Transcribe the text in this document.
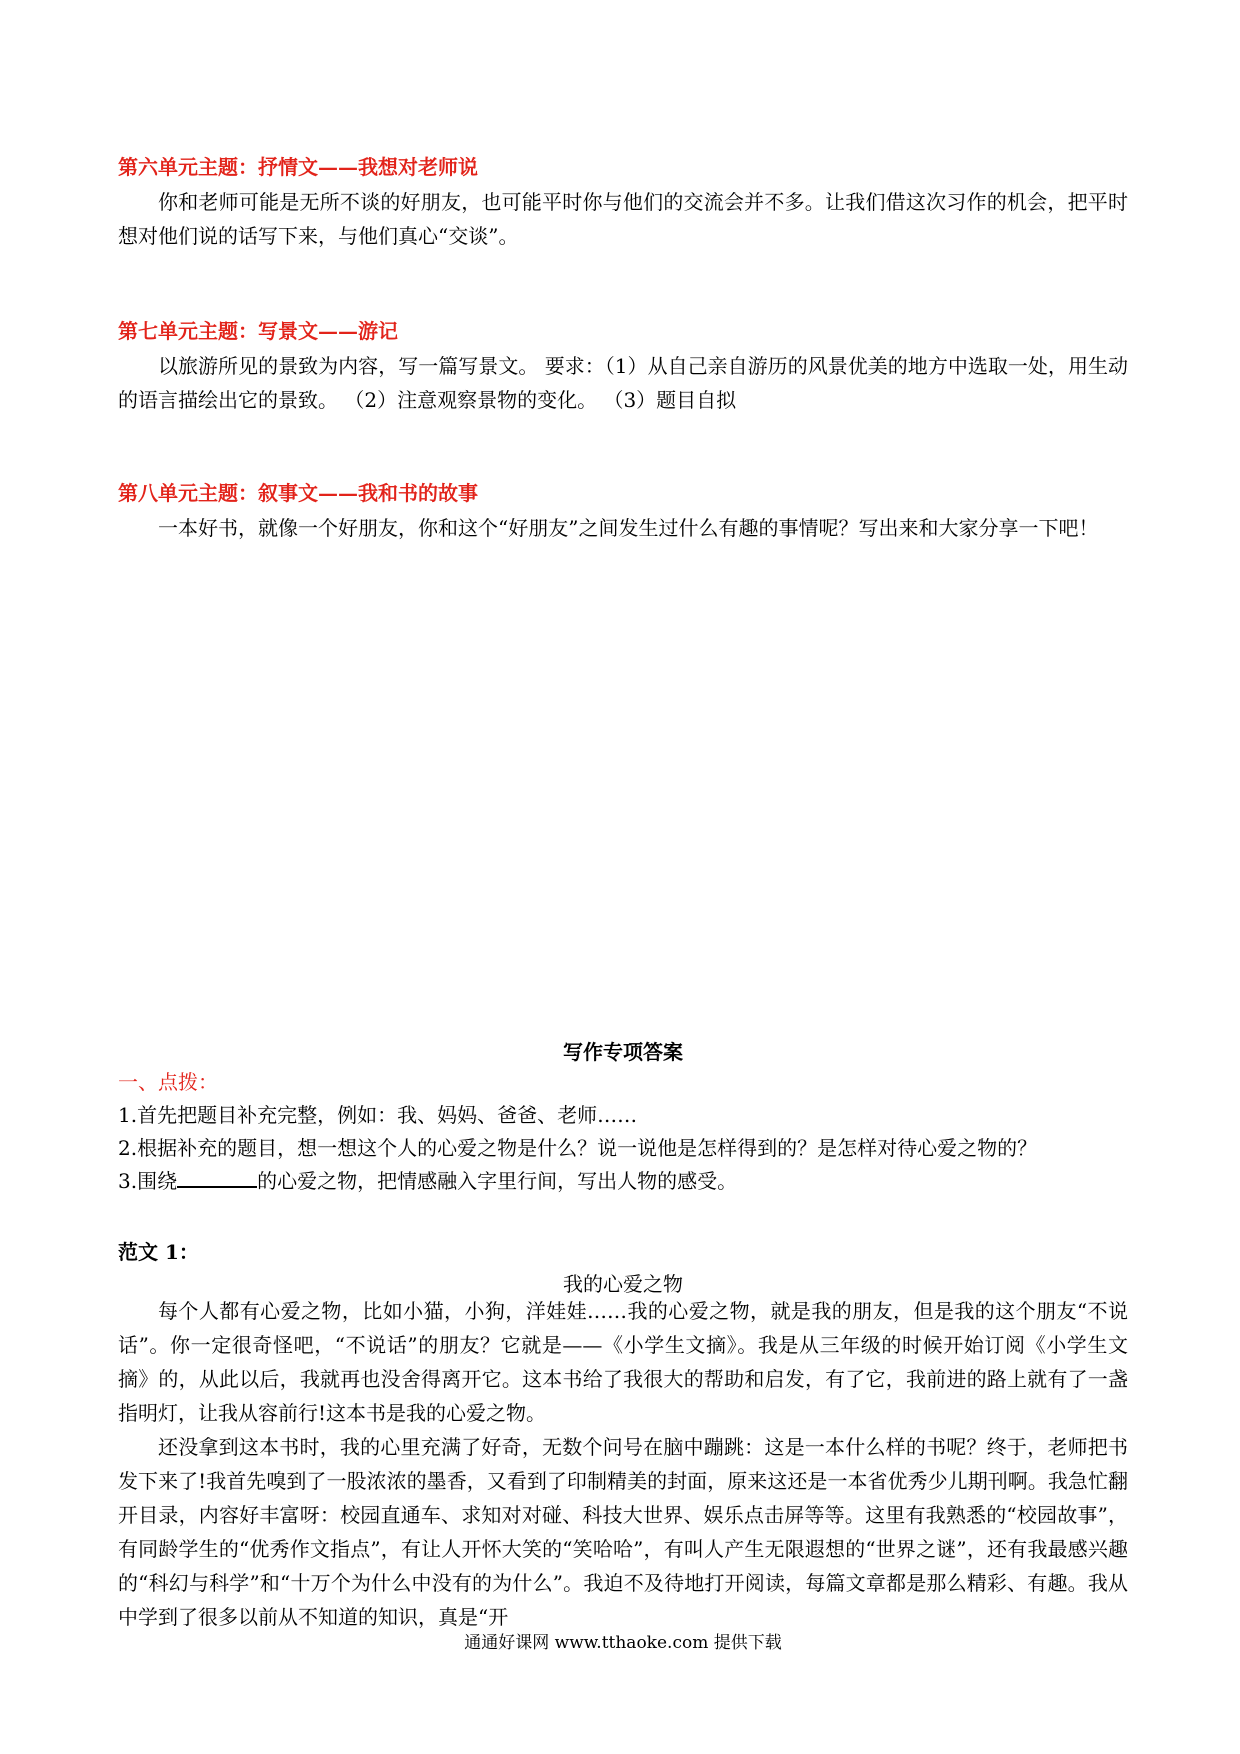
第六单元主题：抒情文——我想对老师说
你和老师可能是无所不谈的好朋友，也可能平时你与他们的交流会并不多。让我们借这次习作的机会，把平时想对他们说的话写下来，与他们真心“交谈”。
第七单元主题：写景文——游记
以旅游所见的景致为内容，写一篇写景文。 要求：（1）从自己亲自游历的风景优美的地方中选取一处，用生动的语言描绘出它的景致。 （2）注意观察景物的变化。 （3）题目自拟
第八单元主题：叙事文——我和书的故事
一本好书，就像一个好朋友，你和这个“好朋友”之间发生过什么有趣的事情呢？写出来和大家分享一下吧！
写作专项答案
一、点拨：
1.首先把题目补充完整，例如：我、妈妈、爸爸、老师……
2.根据补充的题目，想一想这个人的心爱之物是什么？说一说他是怎样得到的？是怎样对待心爱之物的？
3.围绕	的心爱之物，把情感融入字里行间，写出人物的感受。
范文 1：
我的心爱之物
每个人都有心爱之物，比如小猫，小狗，洋娃娃……我的心爱之物，就是我的朋友，但是我的这个朋友“不说话”。你一定很奇怪吧，“不说话”的朋友？它就是——《小学生文摘》。我是从三年级的时候开始订阅《小学生文摘》的，从此以后，我就再也没舍得离开它。这本书给了我很大的帮助和启发，有了它，我前进的路上就有了一盏指明灯，让我从容前行!这本书是我的心爱之物。
还没拿到这本书时，我的心里充满了好奇，无数个问号在脑中蹦跳：这是一本什么样的书呢？终于，老师把书发下来了!我首先嗅到了一股浓浓的墨香，又看到了印制精美的封面，原来这还是一本省优秀少儿期刊啊。我急忙翻开目录，内容好丰富呀：校园直通车、求知对对碰、科技大世界、娱乐点击屏等等。这里有我熟悉的“校园故事”，有同龄学生的“优秀作文指点”，有让人开怀大笑的“笑哈哈”，有叫人产生无限遐想的“世界之谜”，还有我最感兴趣的“科幻与科学”和“十万个为什么中没有的为什么”。我迫不及待地打开阅读，每篇文章都是那么精彩、有趣。我从中学到了很多以前从不知道的知识，真是“开
通通好课网 www.tthaoke.com 提供下载
